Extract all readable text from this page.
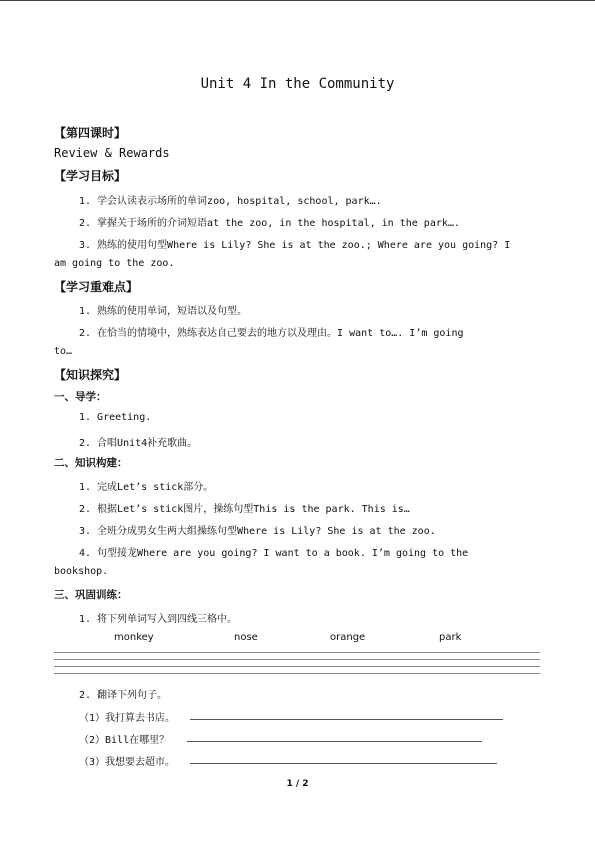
Unit 4 In the Community
【第四课时】
Review & Rewards
【学习目标】
1. 学会认读表示场所的单词zoo, hospital, school, park….
2. 掌握关于场所的介词短语at the zoo, in the hospital, in the park….
3. 熟练的使用句型Where is Lily? She is at the zoo.; Where are you going? I
am going to the zoo.
【学习重难点】
1. 熟练的使用单词，短语以及句型。
2. 在恰当的情境中，熟练表达自己要去的地方以及理由。I want to…. I’m going
to…
【知识探究】
一、导学：
1. Greeting.
2. 合唱Unit4补充歌曲。
二、知识构建：
1. 完成Let’s stick部分。
2. 根据Let’s stick图片，操练句型This is the park. This is…
3. 全班分成男女生两大组操练句型Where is Lily? She is at the zoo.
4. 句型接龙Where are you going? I want to a book. I’m going to the
bookshop.
三、巩固训练：
1. 将下列单词写入到四线三格中。
monkey	nose	orange	park
2. 翻译下列句子。
（1）我打算去书店。
（2）Bill在哪里？
（3）我想要去超市。
1 / 2
